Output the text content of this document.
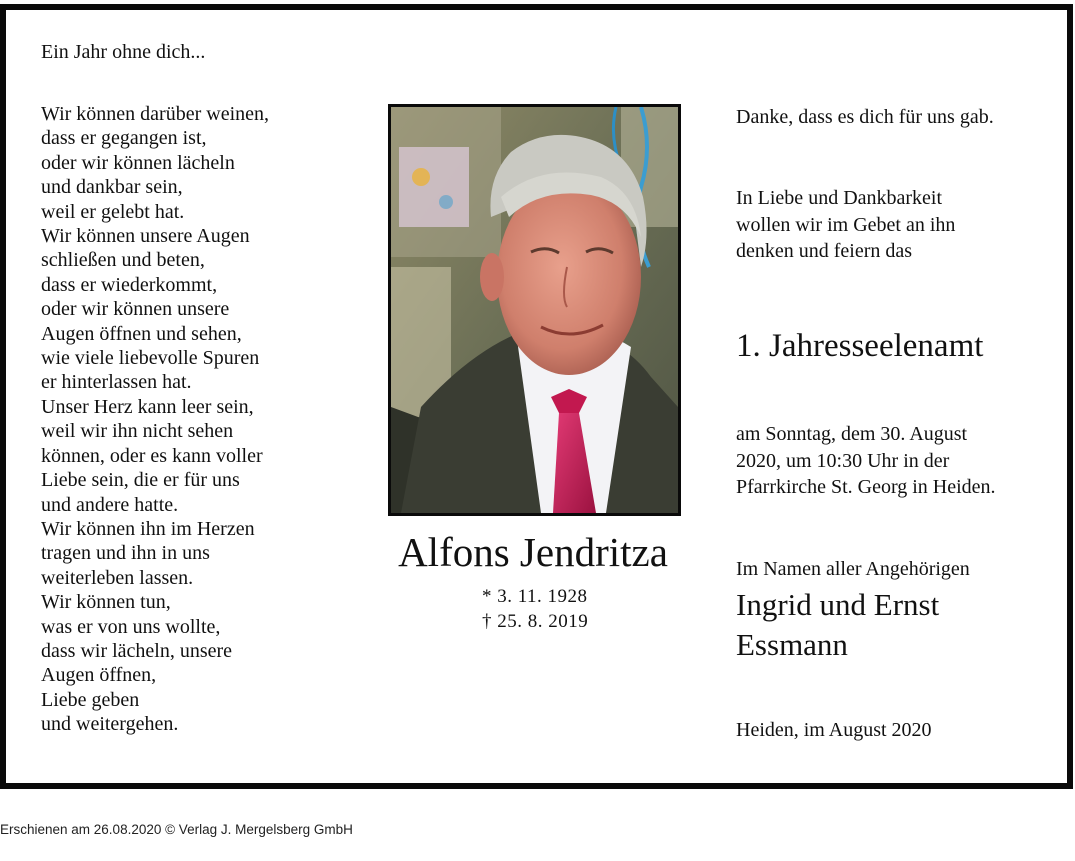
Ein Jahr ohne dich...
Wir können darüber weinen,
dass er gegangen ist,
oder wir können lächeln
und dankbar sein,
weil er gelebt hat.
Wir können unsere Augen
schließen und beten,
dass er wiederkommt,
oder wir können unsere
Augen öffnen und sehen,
wie viele liebevolle Spuren
er hinterlassen hat.
Unser Herz kann leer sein,
weil wir ihn nicht sehen
können, oder es kann voller
Liebe sein, die er für uns
und andere hatte.
Wir können ihn im Herzen
tragen und ihn in uns
weiterleben lassen.
Wir können tun,
was er von uns wollte,
dass wir lächeln, unsere
Augen öffnen,
Liebe geben
und weitergehen.
Alfons Jendritza
* 3. 11. 1928
† 25. 8. 2019
Danke, dass es dich für uns gab.
In Liebe und Dankbarkeit
wollen wir im Gebet an ihn
denken und feiern das
1. Jahresseelenamt
am Sonntag, dem 30. August
2020, um 10:30 Uhr in der
Pfarrkirche St. Georg in Heiden.
Im Namen aller Angehörigen
Ingrid und Ernst
Essmann
Heiden, im August 2020
Erschienen am 26.08.2020 © Verlag J. Mergelsberg GmbH
